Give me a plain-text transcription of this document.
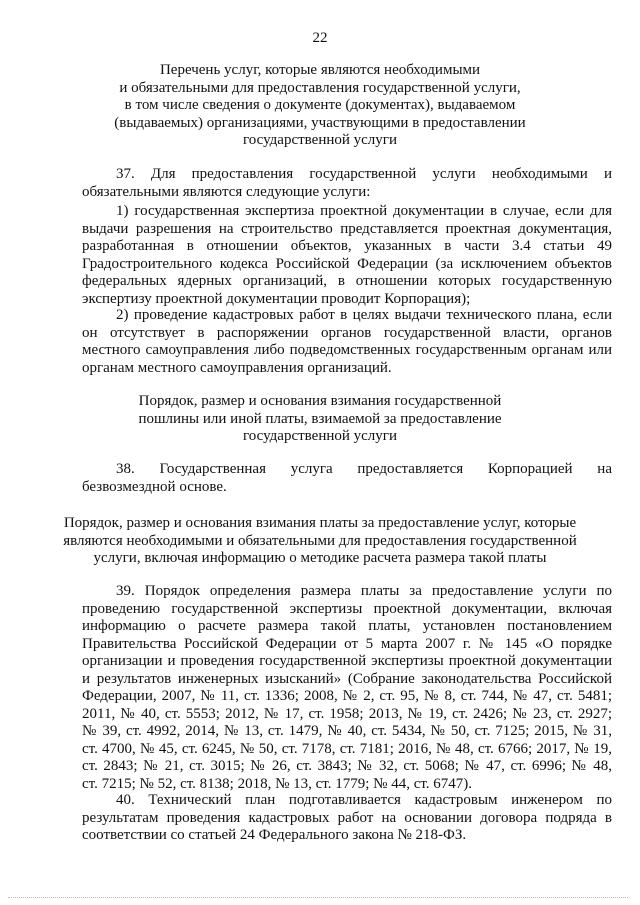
22
Перечень услуг, которые являются необходимыми
и обязательными для предоставления государственной услуги,
в том числе сведения о документе (документах), выдаваемом
(выдаваемых) организациями, участвующими в предоставлении
государственной услуги
37. Для предоставления государственной услуги необходимыми и
обязательными являются следующие услуги:
1) государственная экспертиза проектной документации в случае, если для
выдачи разрешения на строительство представляется проектная документация,
разработанная в отношении объектов, указанных в части 3.4 статьи 49
Градостроительного кодекса Российской Федерации (за исключением объектов
федеральных ядерных организаций, в отношении которых государственную
экспертизу проектной документации проводит Корпорация);
2) проведение кадастровых работ в целях выдачи технического плана, если
он отсутствует в распоряжении органов государственной власти, органов
местного самоуправления либо подведомственных государственным органам или
органам местного самоуправления организаций.
Порядок, размер и основания взимания государственной
пошлины или иной платы, взимаемой за предоставление
государственной услуги
38. Государственная услуга предоставляется Корпорацией на
безвозмездной основе.
Порядок, размер и основания взимания платы за предоставление услуг, которые
являются необходимыми и обязательными для предоставления государственной
услуги, включая информацию о методике расчета размера такой платы
39. Порядок определения размера платы за предоставление услуги по
проведению государственной экспертизы проектной документации, включая
информацию о расчете размера такой платы, установлен постановлением
Правительства Российской Федерации от 5 марта 2007 г. № 145 «О порядке
организации и проведения государственной экспертизы проектной документации
и результатов инженерных изысканий» (Собрание законодательства Российской
Федерации, 2007, № 11, ст. 1336; 2008, № 2, ст. 95, № 8, ст. 744, № 47, ст. 5481;
2011, № 40, ст. 5553; 2012, № 17, ст. 1958; 2013, № 19, ст. 2426; № 23, ст. 2927;
№ 39, ст. 4992, 2014, № 13, ст. 1479, № 40, ст. 5434, № 50, ст. 7125; 2015, № 31,
ст. 4700, № 45, ст. 6245, № 50, ст. 7178, ст. 7181; 2016, № 48, ст. 6766; 2017, № 19,
ст. 2843; № 21, ст. 3015; № 26, ст. 3843; № 32, ст. 5068; № 47, ст. 6996; № 48,
ст. 7215; № 52, ст. 8138; 2018, № 13, ст. 1779; № 44, ст. 6747).
40. Технический план подготавливается кадастровым инженером по
результатам проведения кадастровых работ на основании договора подряда в
соответствии со статьей 24 Федерального закона № 218-ФЗ.
